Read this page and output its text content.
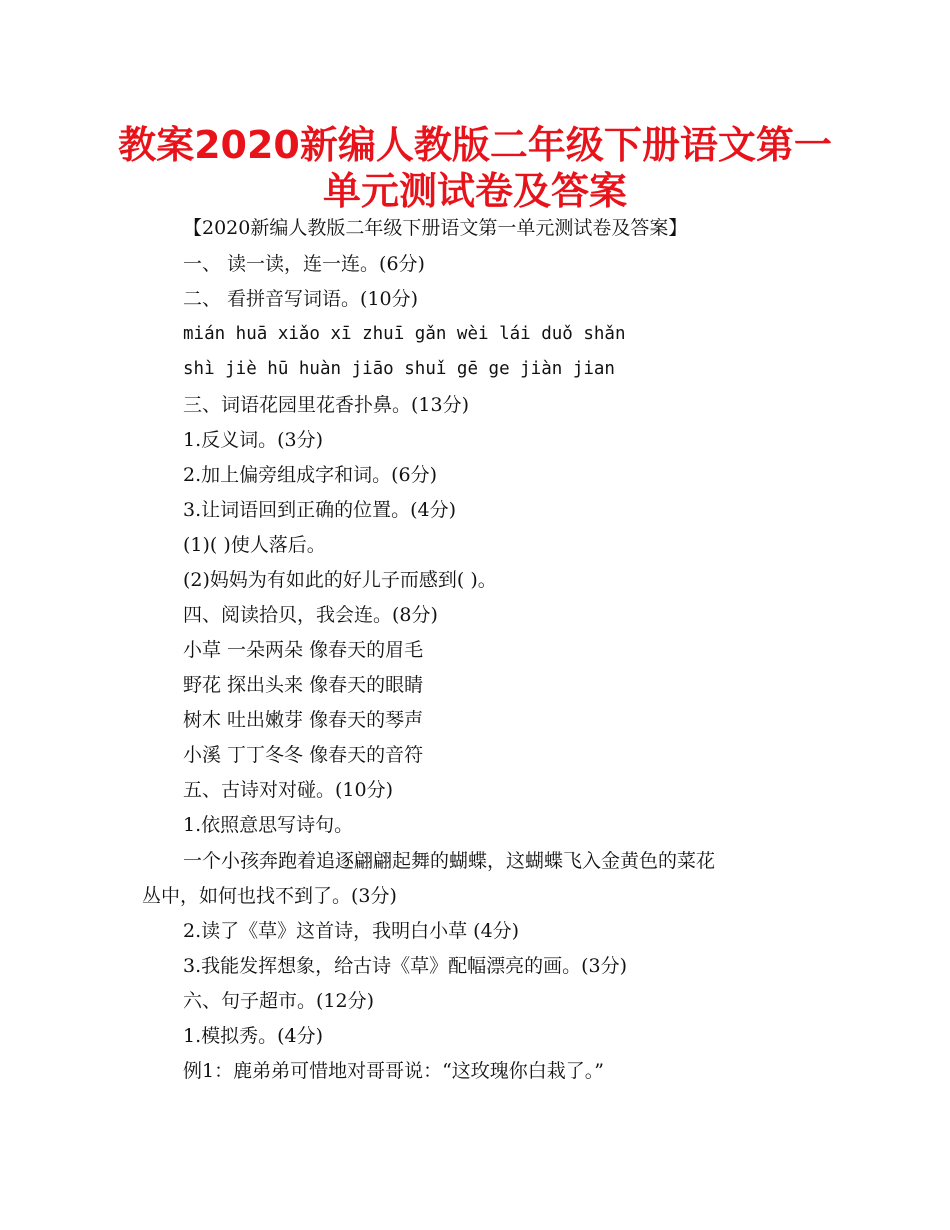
教案2020新编人教版二年级下册语文第一
单元测试卷及答案
【2020新编人教版二年级下册语文第一单元测试卷及答案】
一、 读一读，连一连。(6分)
二、 看拼音写词语。(10分)
mián huā xiǎo xī zhuī gǎn wèi lái duǒ shǎn
shì jiè hū huàn jiāo shuǐ gē ge jiàn jian
三、词语花园里花香扑鼻。(13分)
1.反义词。(3分)
2.加上偏旁组成字和词。(6分)
3.让词语回到正确的位置。(4分)
(1)( )使人落后。
(2)妈妈为有如此的好儿子而感到( )。
四、阅读拾贝，我会连。(8分)
小草 一朵两朵 像春天的眉毛
野花 探出头来 像春天的眼睛
树木 吐出嫩芽 像春天的琴声
小溪 丁丁冬冬 像春天的音符
五、古诗对对碰。(10分)
1.依照意思写诗句。
一个小孩奔跑着追逐翩翩起舞的蝴蝶，这蝴蝶飞入金黄色的菜花
丛中，如何也找不到了。(3分)
2.读了《草》这首诗，我明白小草 (4分)
3.我能发挥想象，给古诗《草》配幅漂亮的画。(3分)
六、句子超市。(12分)
1.模拟秀。(4分)
例1：鹿弟弟可惜地对哥哥说：“这玫瑰你白栽了。”
